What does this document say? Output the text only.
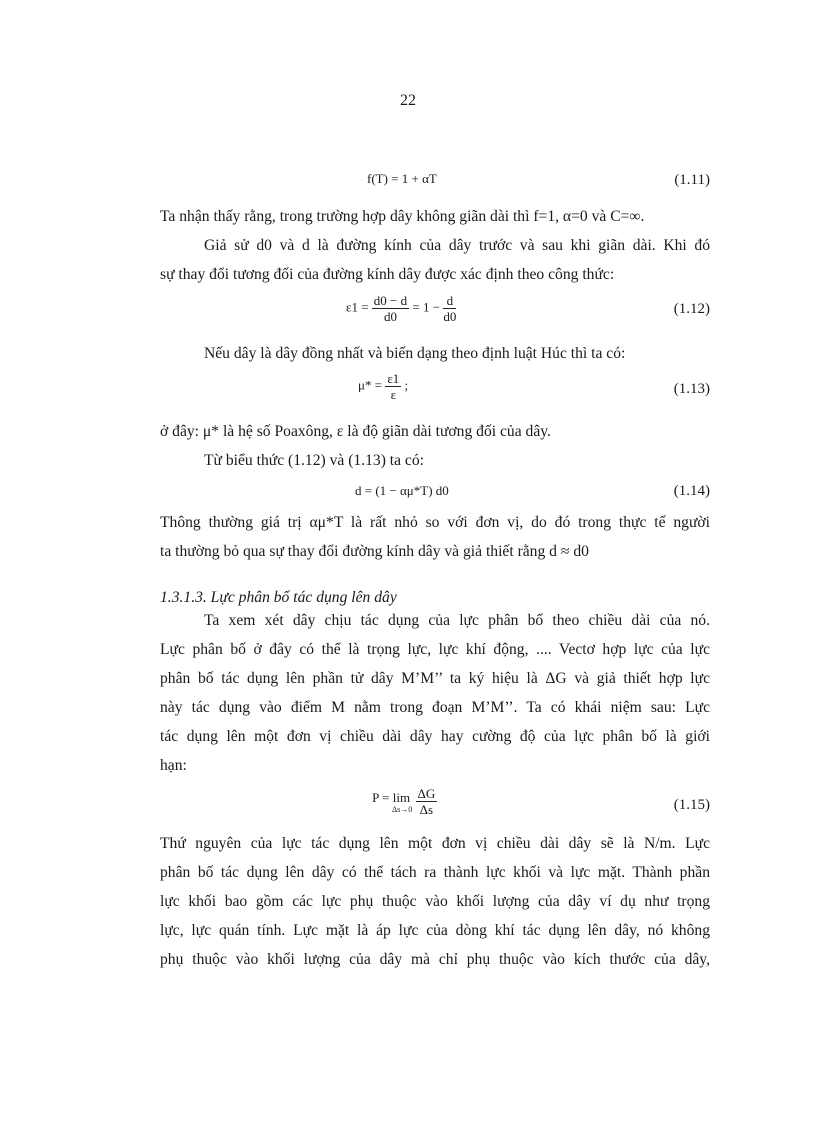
22
f(T) = 1 + αT	(1.11)
Ta nhận thấy rằng, trong trường hợp dây không giãn dài thì f=1, α=0 và C=∞.
Giả sử d0 và d là đường kính của dây trước và sau khi giãn dài. Khi đó
sự thay đổi tương đối của đường kính dây được xác định theo công thức:
$\varepsilon 1 = \frac{d0 - d}{d0} = 1 - \frac{d}{d0}$	(1.12)
Nếu dây là dây đồng nhất và biến dạng theo định luật Húc thì ta có:
$\mu* = \frac{\varepsilon 1}{\varepsilon}$ ;	(1.13)
ở đây: μ* là hệ số Poaxông, ε là độ giãn dài tương đối của dây.
Từ biểu thức (1.12) và (1.13) ta có:
d = (1 − αμ*T) d0	(1.14)
Thông thường giá trị αμ*T là rất nhỏ so với đơn vị, do đó trong thực tế người
ta thường bỏ qua sự thay đổi đường kính dây và giả thiết rằng d ≈ d0
1.3.1.3. Lực phân bố tác dụng lên dây
Ta xem xét dây chịu tác dụng của lực phân bố theo chiều dài của nó.
Lực phân bố ở đây có thể là trọng lực, lực khí động, .... Vectơ hợp lực của lực
phân bố tác dụng lên phần tử dây M’M’’ ta ký hiệu là ΔG và giả thiết hợp lực
này tác dụng vào điểm M nằm trong đoạn M’M’’. Ta có khái niệm sau: Lực
tác dụng lên một đơn vị chiều dài dây hay cường độ của lực phân bố là giới
hạn:
P = lim
Δs→0
$\frac{\Delta G}{\Delta s}$	(1.15)
Thứ nguyên của lực tác dụng lên một đơn vị chiều dài dây sẽ là N/m. Lực
phân bố tác dụng lên dây có thể tách ra thành lực khối và lực mặt. Thành phần
lực khối bao gồm các lực phụ thuộc vào khối lượng của dây ví dụ như trọng
lực, lực quán tính. Lực mặt là áp lực của dòng khí tác dụng lên dây, nó không
phụ thuộc vào khối lượng của dây mà chỉ phụ thuộc vào kích thước của dây,
